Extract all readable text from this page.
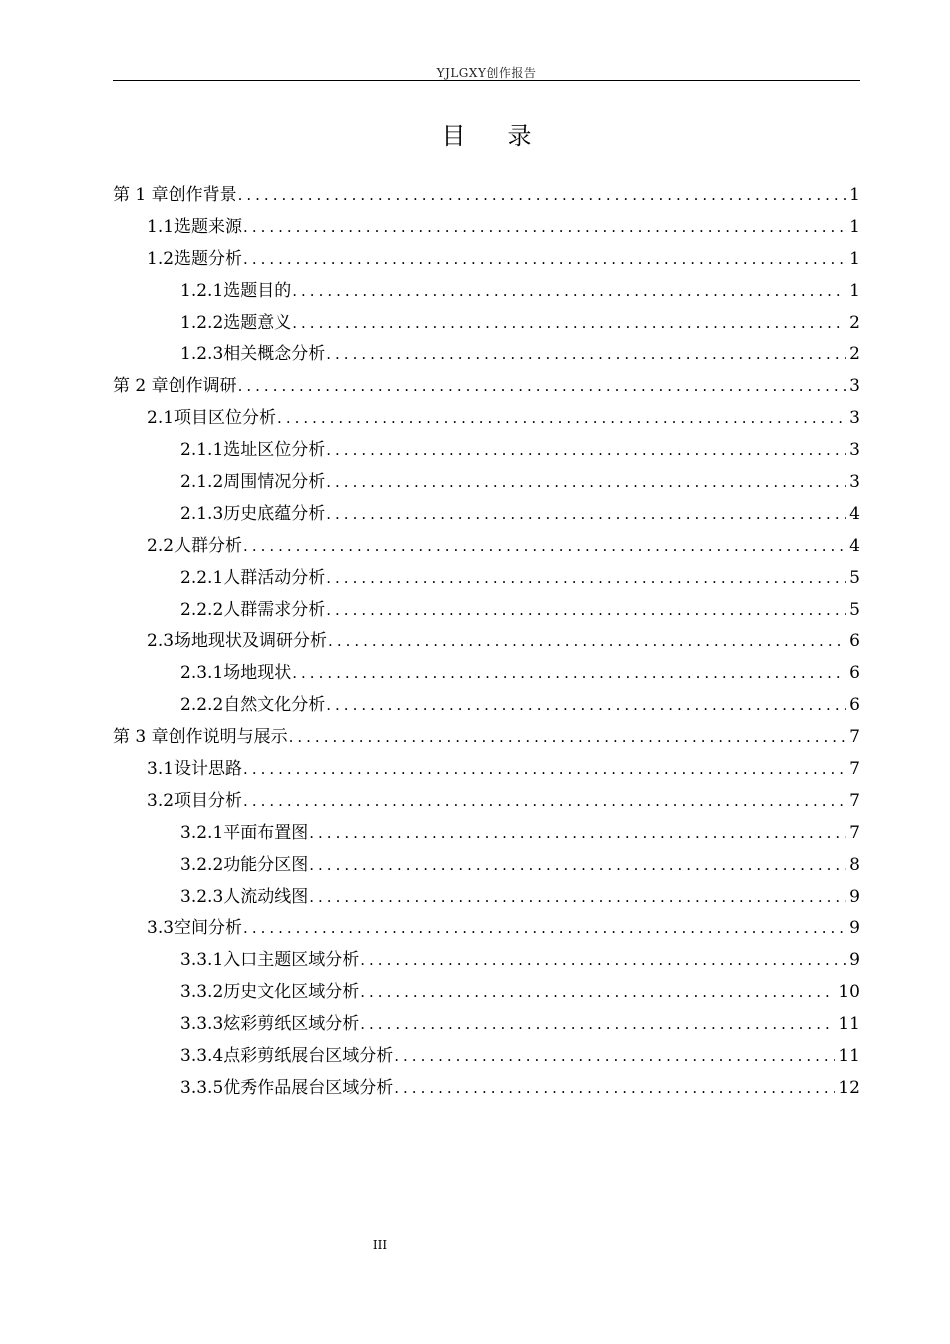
YJLGXY创作报告
目 录
第 1 章 创作背景 .....	1
1.1 选题来源 .....	1
1.2 选题分析 .....	1
1.2.1 选题目的 .....	1
1.2.2 选题意义 .....	2
1.2.3 相关概念分析 .....	2
第 2 章 创作调研 .....	3
2.1 项目区位分析 .....	3
2.1.1 选址区位分析 .....	3
2.1.2 周围情况分析 .....	3
2.1.3 历史底蕴分析 .....	4
2.2 人群分析 .....	4
2.2.1 人群活动分析 .....	5
2.2.2 人群需求分析 .....	5
2.3 场地现状及调研分析 .....	6
2.3.1 场地现状 .....	6
2.2.2 自然文化分析 .....	6
第 3 章 创作说明与展示 .....	7
3.1 设计思路 .....	7
3.2 项目分析 .....	7
3.2.1 平面布置图 .....	7
3.2.2 功能分区图 .....	8
3.2.3 人流动线图 .....	9
3.3 空间分析 .....	9
3.3.1 入口主题区域分析 .....	9
3.3.2 历史文化区域分析 .....	10
3.3.3 炫彩剪纸区域分析 .....	11
3.3.4 点彩剪纸展台区域分析 .....	11
3.3.5 优秀作品展台区域分析 .....	12
III
